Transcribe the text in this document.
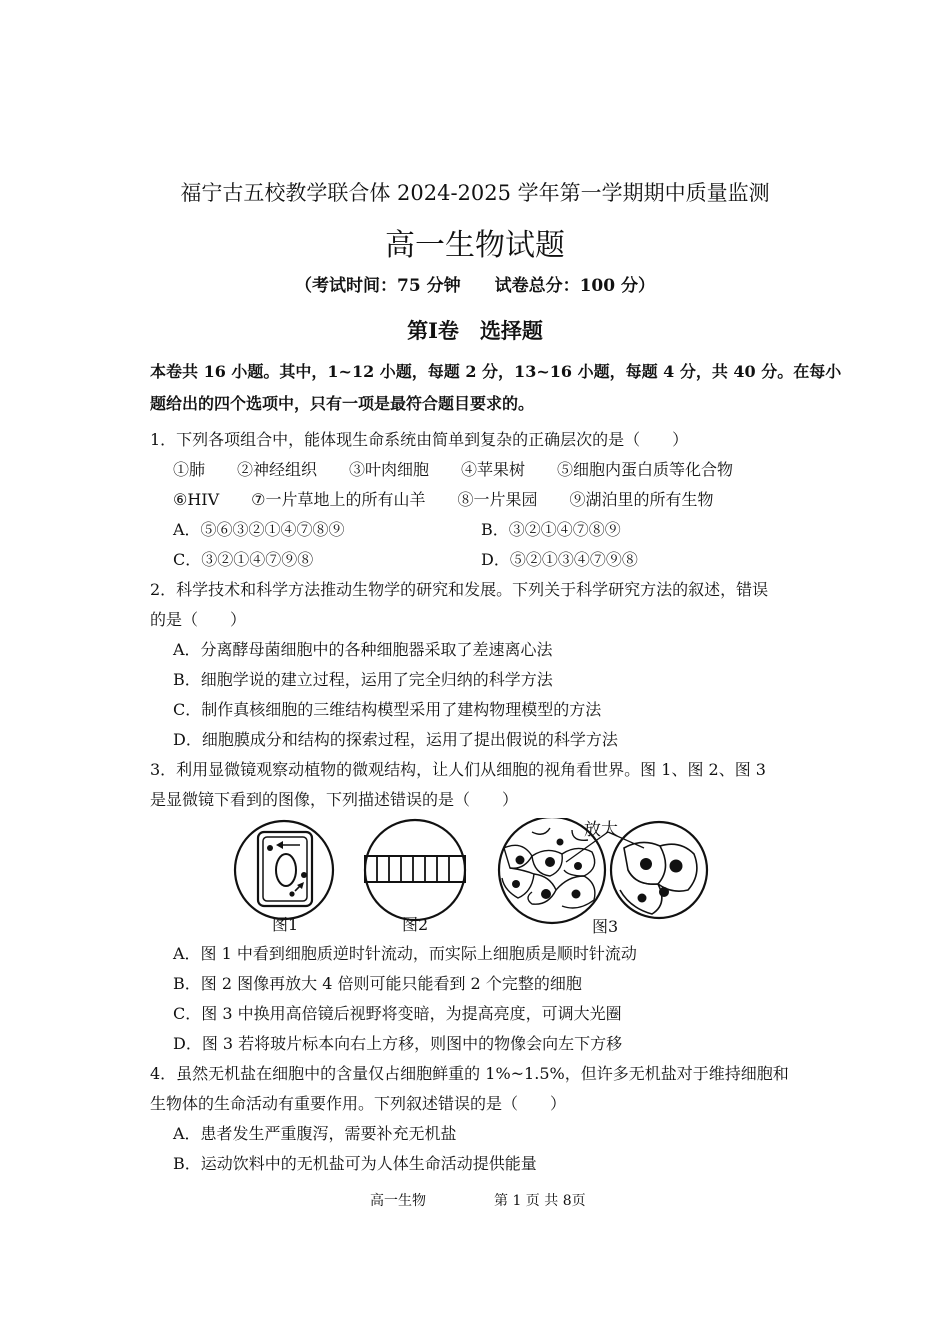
福宁古五校教学联合体 2024-2025 学年第一学期期中质量监测
高一生物试题
（考试时间：75 分钟　　试卷总分：100 分）
第Ⅰ卷　选择题
本卷共 16 小题。其中，1~12 小题，每题 2 分，13~16 小题，每题 4 分，共 40 分。在每小
题给出的四个选项中，只有一项是最符合题目要求的。
1．下列各项组合中，能体现生命系统由简单到复杂的正确层次的是（　　）
①肺　　②神经组织　　③叶肉细胞　　④苹果树　　⑤细胞内蛋白质等化合物
⑥HIV　　⑦一片草地上的所有山羊　　⑧一片果园　　⑨湖泊里的所有生物
A．⑤⑥③②①④⑦⑧⑨	B．③②①④⑦⑧⑨
C．③②①④⑦⑨⑧	D．⑤②①③④⑦⑨⑧
2．科学技术和科学方法推动生物学的研究和发展。下列关于科学研究方法的叙述，错误
的是（　　）
A．分离酵母菌细胞中的各种细胞器采取了差速离心法
B．细胞学说的建立过程，运用了完全归纳的科学方法
C．制作真核细胞的三维结构模型采用了建构物理模型的方法
D．细胞膜成分和结构的探索过程，运用了提出假说的科学方法
3．利用显微镜观察动植物的微观结构，让人们从细胞的视角看世界。图 1、图 2、图 3
是显微镜下看到的图像，下列描述错误的是（　　）
放大
图1	图2	图3
A．图 1 中看到细胞质逆时针流动，而实际上细胞质是顺时针流动
B．图 2 图像再放大 4 倍则可能只能看到 2 个完整的细胞
C．图 3 中换用高倍镜后视野将变暗，为提高亮度，可调大光圈
D．图 3 若将玻片标本向右上方移，则图中的物像会向左下方移
4．虽然无机盐在细胞中的含量仅占细胞鲜重的 1%~1.5%，但许多无机盐对于维持细胞和
生物体的生命活动有重要作用。下列叙述错误的是（　　）
A．患者发生严重腹泻，需要补充无机盐
B．运动饮料中的无机盐可为人体生命活动提供能量
高一生物	第 1 页 共 8页
